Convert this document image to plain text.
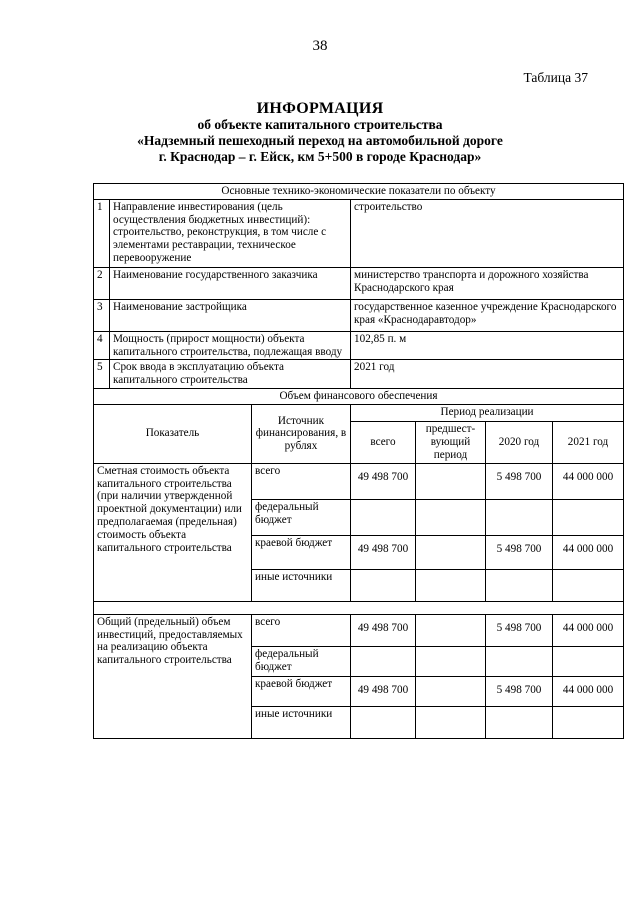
38
Таблица 37
ИНФОРМАЦИЯ
об объекте капитального строительства
«Надземный пешеходный переход на автомобильной дороге
г. Краснодар – г. Ейск, км 5+500 в городе Краснодар»
Основные технико-экономические показатели по объекту						
1	Направление инвестирования (цель осуществления бюджетных инвестиций): строительство, реконструкция, в том числе с элементами реставрации, техническое перевооружение		строительство			
2	Наименование государственного заказчика		министерство транспорта и дорожного хозяйства Краснодарского края			
3	Наименование застройщика		государственное казенное учреждение Краснодарского края «Краснодаравтодор»			
4	Мощность (прирост мощности) объекта капитального строительства, подлежащая вводу		102,85 п. м			
5	Срок ввода в эксплуатацию объекта капитального строительства		2021 год			
Объем финансового обеспечения						
Показатель		Источник финансирования, в рублях	Период реализации			
			всего	предшест-вующий период	2020 год	2021 год
Сметная стоимость объекта капитального строительства (при наличии утвержденной проектной документации) или предполагаемая (предельная) стоимость объекта капитального строительства		всего	49 498 700		5 498 700	44 000 000
		федеральный бюджет				
		краевой бюджет	49 498 700		5 498 700	44 000 000
		иные источники				

Общий (предельный) объем инвестиций, предоставляемых на реализацию объекта капитального строительства		всего	49 498 700		5 498 700	44 000 000
		федеральный бюджет				
		краевой бюджет	49 498 700		5 498 700	44 000 000
		иные источники				
